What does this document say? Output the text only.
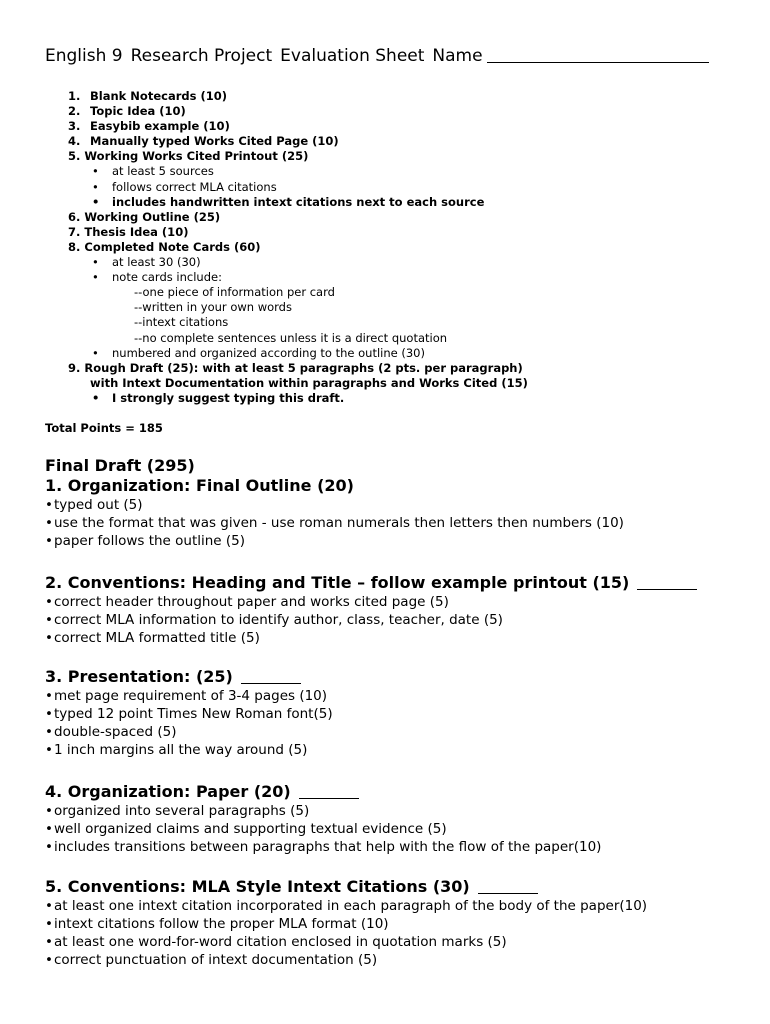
English 9 Research Project Evaluation Sheet Name
1. Blank Notecards (10)
2. Topic Idea (10)
3. Easybib example (10)
4. Manually typed Works Cited Page (10)
5. Working Works Cited Printout (25)
• at least 5 sources
• follows correct MLA citations
• includes handwritten intext citations next to each source
6. Working Outline (25)
7. Thesis Idea (10)
8. Completed Note Cards (60)
• at least 30 (30)
• note cards include:
--one piece of information per card
--written in your own words
--intext citations
--no complete sentences unless it is a direct quotation
• numbered and organized according to the outline (30)
9. Rough Draft (25): with at least 5 paragraphs (2 pts. per paragraph)
with Intext Documentation within paragraphs and Works Cited (15)
• I strongly suggest typing this draft.
Total Points = 185
Final Draft (295)
1. Organization: Final Outline (20)
•typed out (5)
•use the format that was given - use roman numerals then letters then numbers (10)
•paper follows the outline (5)
2. Conventions: Heading and Title – follow example printout (15)
•correct header throughout paper and works cited page (5)
•correct MLA information to identify author, class, teacher, date (5)
•correct MLA formatted title (5)
3. Presentation: (25)
•met page requirement of 3-4 pages (10)
•typed 12 point Times New Roman font(5)
•double-spaced (5)
•1 inch margins all the way around (5)
4. Organization: Paper (20)
•organized into several paragraphs (5)
•well organized claims and supporting textual evidence (5)
•includes transitions between paragraphs that help with the flow of the paper(10)
5. Conventions: MLA Style Intext Citations (30)
•at least one intext citation incorporated in each paragraph of the body of the paper(10)
•intext citations follow the proper MLA format (10)
•at least one word-for-word citation enclosed in quotation marks (5)
•correct punctuation of intext documentation (5)
